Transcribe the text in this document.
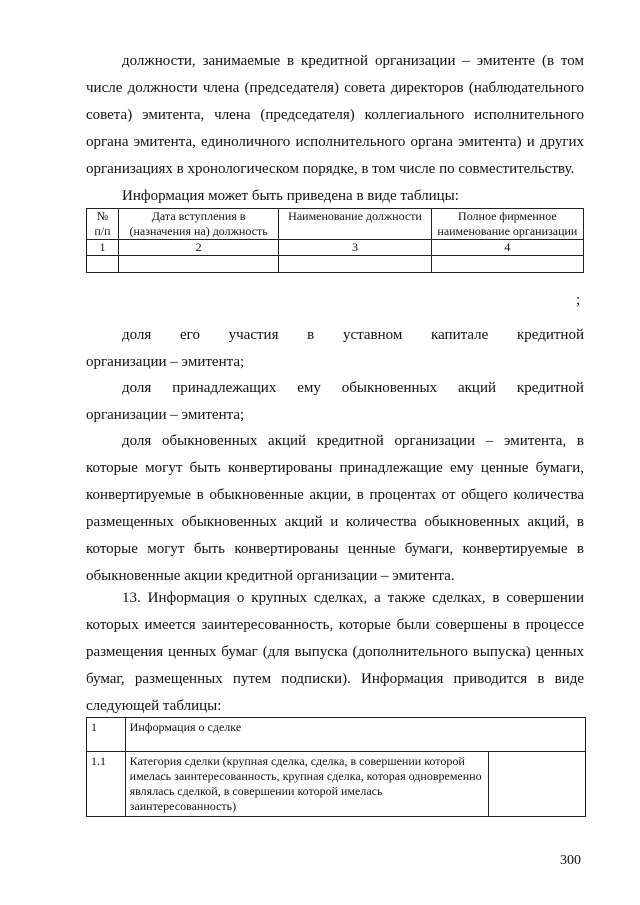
должности, занимаемые в кредитной организации – эмитенте (в том
числе должности члена (председателя) совета директоров (наблюдательного
совета) эмитента, члена (председателя) коллегиального исполнительного
органа эмитента, единоличного исполнительного органа эмитента) и других
организациях в хронологическом порядке, в том числе по совместительству.
Информация может быть приведена в виде таблицы:
№ п/п	Дата вступления в (назначения на) должность	Наименование должности	Полное фирменное наименование организации
1	2	3	4

;
доля его участия в уставном капитале кредитной
организации – эмитента;
доля принадлежащих ему обыкновенных акций кредитной
организации – эмитента;
доля обыкновенных акций кредитной организации – эмитента, в
которые могут быть конвертированы принадлежащие ему ценные бумаги,
конвертируемые в обыкновенные акции, в процентах от общего количества
размещенных обыкновенных акций и количества обыкновенных акций, в
которые могут быть конвертированы ценные бумаги, конвертируемые в
обыкновенные акции кредитной организации – эмитента.
13. Информация о крупных сделках, а также сделках, в совершении
которых имеется заинтересованность, которые были совершены в процессе
размещения ценных бумаг (для выпуска (дополнительного выпуска) ценных
бумаг, размещенных путем подписки). Информация приводится в виде
следующей таблицы:
1	Информация о сделке	
1.1	Категория сделки (крупная сделка, сделка, в совершении которой имелась заинтересованность, крупная сделка, которая одновременно являлась сделкой, в совершении которой имелась заинтересованность)	
300
